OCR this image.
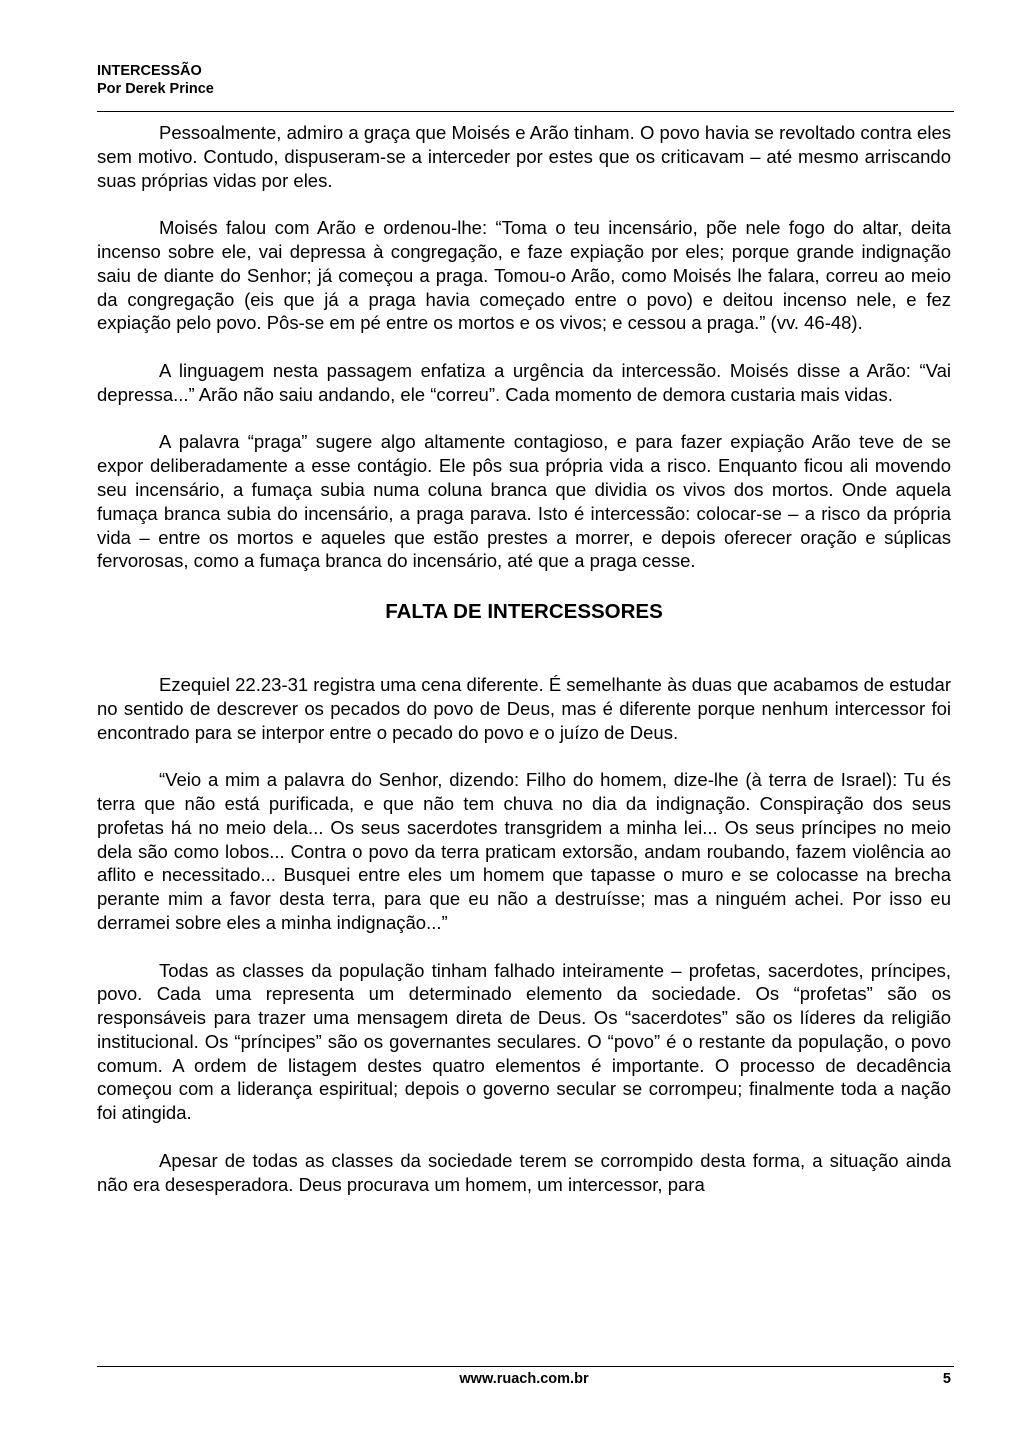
INTERCESSÃO
Por Derek Prince

Pessoalmente, admiro a graça que Moisés e Arão tinham. O povo havia se revoltado contra eles sem motivo. Contudo, dispuseram-se a interceder por estes que os criticavam – até mesmo arriscando suas próprias vidas por eles.

Moisés falou com Arão e ordenou-lhe: “Toma o teu incensário, põe nele fogo do altar, deita incenso sobre ele, vai depressa à congregação, e faze expiação por eles; porque grande indignação saiu de diante do Senhor; já começou a praga. Tomou-o Arão, como Moisés lhe falara, correu ao meio da congregação (eis que já a praga havia começado entre o povo) e deitou incenso nele, e fez expiação pelo povo. Pôs-se em pé entre os mortos e os vivos; e cessou a praga.” (vv. 46-48).

A linguagem nesta passagem enfatiza a urgência da intercessão. Moisés disse a Arão: “Vai depressa...” Arão não saiu andando, ele “correu”. Cada momento de demora custaria mais vidas.

A palavra “praga” sugere algo altamente contagioso, e para fazer expiação Arão teve de se expor deliberadamente a esse contágio. Ele pôs sua própria vida a risco. Enquanto ficou ali movendo seu incensário, a fumaça subia numa coluna branca que dividia os vivos dos mortos. Onde aquela fumaça branca subia do incensário, a praga parava. Isto é intercessão: colocar-se – a risco da própria vida – entre os mortos e aqueles que estão prestes a morrer, e depois oferecer oração e súplicas fervorosas, como a fumaça branca do incensário, até que a praga cesse.

FALTA DE INTERCESSORES

Ezequiel 22.23-31 registra uma cena diferente. É semelhante às duas que acabamos de estudar no sentido de descrever os pecados do povo de Deus, mas é diferente porque nenhum intercessor foi encontrado para se interpor entre o pecado do povo e o juízo de Deus.

“Veio a mim a palavra do Senhor, dizendo: Filho do homem, dize-lhe (à terra de Israel): Tu és terra que não está purificada, e que não tem chuva no dia da indignação. Conspiração dos seus profetas há no meio dela... Os seus sacerdotes transgridem a minha lei... Os seus príncipes no meio dela são como lobos... Contra o povo da terra praticam extorsão, andam roubando, fazem violência ao aflito e necessitado... Busquei entre eles um homem que tapasse o muro e se colocasse na brecha perante mim a favor desta terra, para que eu não a destruísse; mas a ninguém achei. Por isso eu derramei sobre eles a minha indignação...”

Todas as classes da população tinham falhado inteiramente – profetas, sacerdotes, príncipes, povo. Cada uma representa um determinado elemento da sociedade. Os “profetas” são os responsáveis para trazer uma mensagem direta de Deus. Os “sacerdotes” são os líderes da religião institucional. Os “príncipes” são os governantes seculares. O “povo” é o restante da população, o povo comum. A ordem de listagem destes quatro elementos é importante. O processo de decadência começou com a liderança espiritual; depois o governo secular se corrompeu; finalmente toda a nação foi atingida.

Apesar de todas as classes da sociedade terem se corrompido desta forma, a situação ainda não era desesperadora. Deus procurava um homem, um intercessor, para

www.ruach.com.br	5
